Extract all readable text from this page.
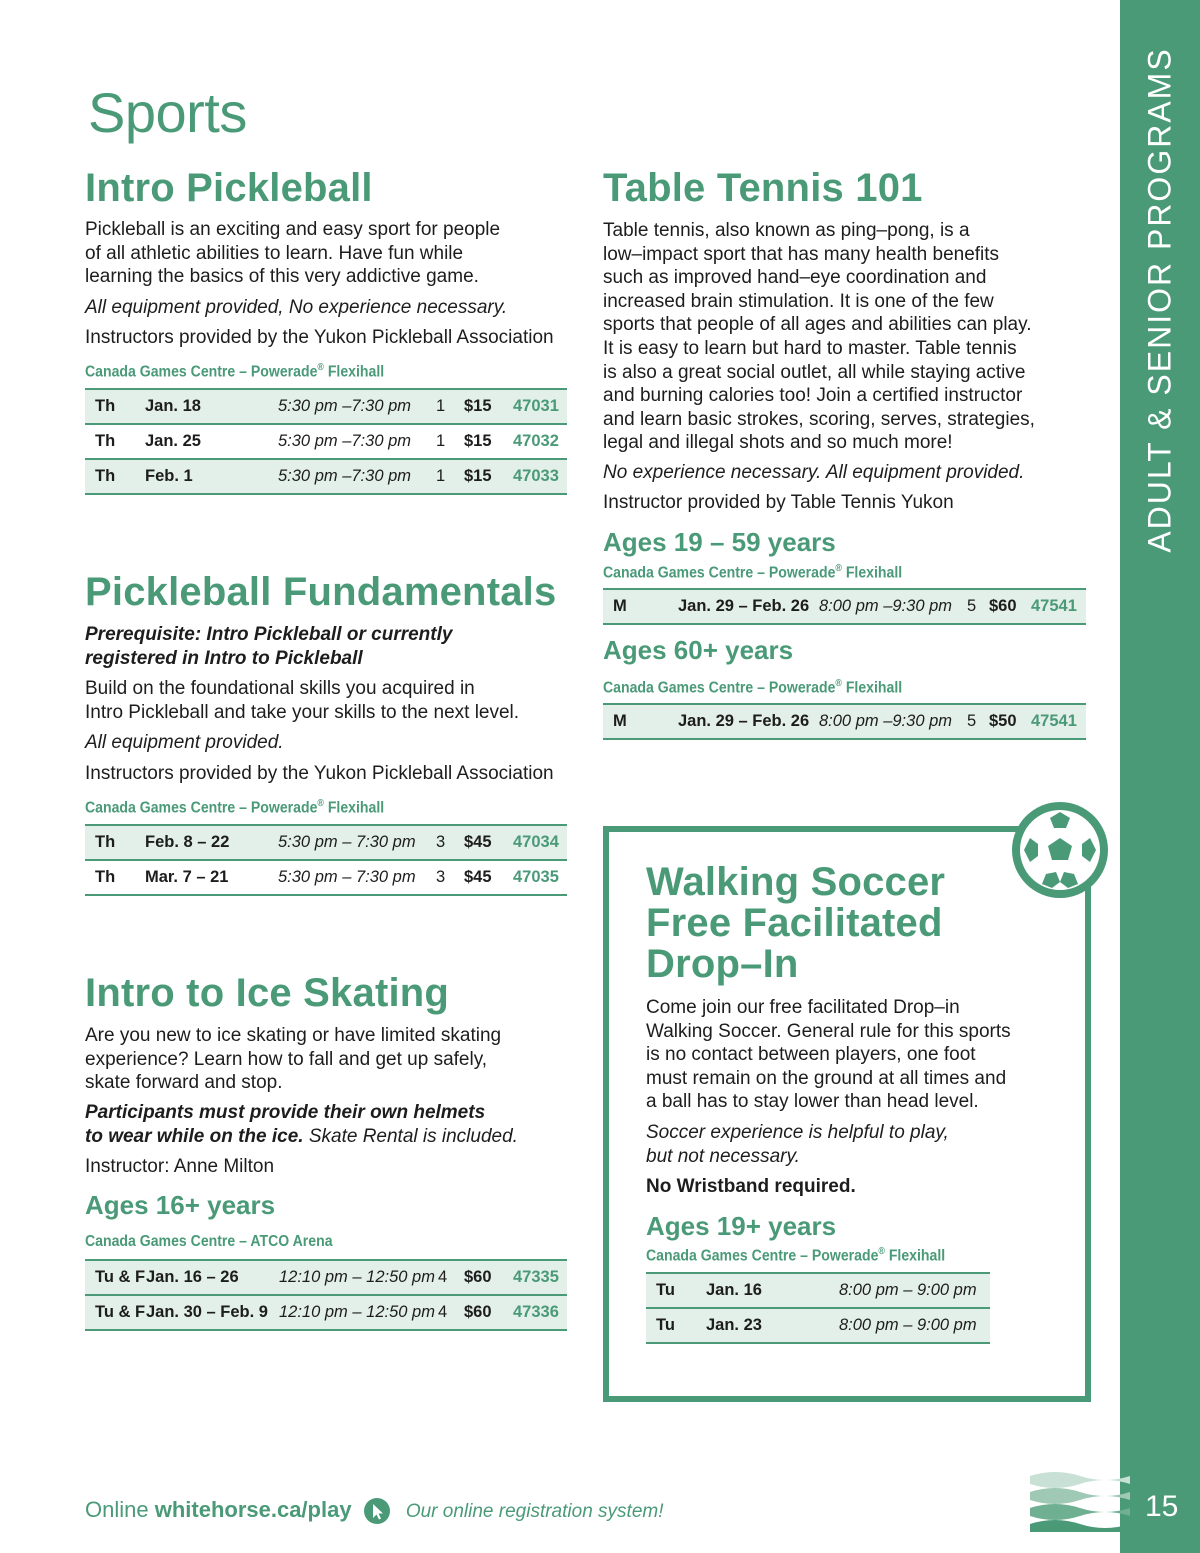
ADULT & SENIOR PROGRAMS
Sports
Intro Pickleball
Pickleball is an exciting and easy sport for people
of all athletic abilities to learn. Have fun while
learning the basics of this very addictive game.
All equipment provided, No experience necessary.
Instructors provided by the Yukon Pickleball Association
Canada Games Centre – Powerade® Flexihall
Th	Jan. 18	5:30 pm –7:30 pm	1	$15	47031
Th	Jan. 25	5:30 pm –7:30 pm	1	$15	47032
Th	Feb. 1	5:30 pm –7:30 pm	1	$15	47033
Pickleball Fundamentals
Prerequisite: Intro Pickleball or currently
registered in Intro to Pickleball
Build on the foundational skills you acquired in
Intro Pickleball and take your skills to the next level.
All equipment provided.
Instructors provided by the Yukon Pickleball Association
Canada Games Centre – Powerade® Flexihall
Th	Feb. 8 – 22	5:30 pm – 7:30 pm	3	$45	47034
Th	Mar. 7 – 21	5:30 pm – 7:30 pm	3	$45	47035
Intro to Ice Skating
Are you new to ice skating or have limited skating
experience? Learn how to fall and get up safely,
skate forward and stop.
Participants must provide their own helmets
to wear while on the ice. Skate Rental is included.
Instructor: Anne Milton
Ages 16+ years
Canada Games Centre – ATCO Arena
Tu & F	Jan. 16 – 26	12:10 pm – 12:50 pm	4	$60	47335
Tu & F	Jan. 30 – Feb. 9	12:10 pm – 12:50 pm	4	$60	47336
Table Tennis 101
Table tennis, also known as ping–pong, is a
low–impact sport that has many health benefits
such as improved hand–eye coordination and
increased brain stimulation. It is one of the few
sports that people of all ages and abilities can play.
It is easy to learn but hard to master. Table tennis
is also a great social outlet, all while staying active
and burning calories too! Join a certified instructor
and learn basic strokes, scoring, serves, strategies,
legal and illegal shots and so much more!
No experience necessary. All equipment provided.
Instructor provided by Table Tennis Yukon
Ages 19 – 59 years
Canada Games Centre – Powerade® Flexihall
M	Jan. 29 – Feb. 26	8:00 pm –9:30 pm	5	$60	47541
Ages 60+ years
Canada Games Centre – Powerade® Flexihall
M	Jan. 29 – Feb. 26	8:00 pm –9:30 pm	5	$50	47541
Walking Soccer
Free Facilitated
Drop–In
Come join our free facilitated Drop–in
Walking Soccer. General rule for this sports
is no contact between players, one foot
must remain on the ground at all times and
a ball has to stay lower than head level.
Soccer experience is helpful to play,
but not necessary.
No Wristband required.
Ages 19+ years
Canada Games Centre – Powerade® Flexihall
Tu	Jan. 16	8:00 pm – 9:00 pm
Tu	Jan. 23	8:00 pm – 9:00 pm
Online whitehorse.ca/play	Our online registration system!	15
